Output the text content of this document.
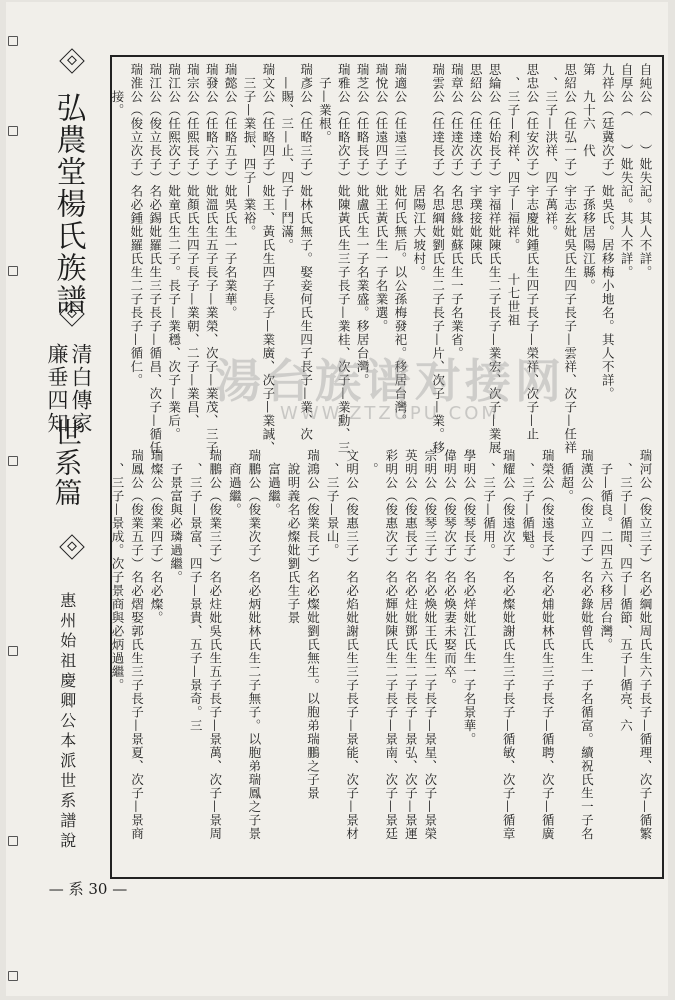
弘農堂楊氏族譜
廉垂四知 清白傳家
世系篇
惠州始祖慶卿公本派世系譜說
— 系 30 —
自純公（　　）妣失記。其人不詳。
自厚公（　　）妣失記。其人不詳。
九祥公（廷冀次子）妣吳氏。居移梅小地名。其人不詳。
第　九十六　代　　子孫移居陽江縣。
思紹公（任弘一子）宇志玄妣吳氏生四子長子—雲祥、次子—任祥
　、三子—洪祥、四子萬祥。
思忠公（任安次子）宇志慶妣鍾氏生四子長子—榮祥、次子—止
　、三子—利祥、四子—福祥。　　十七世祖
思綸公（任始長子）宇福祥妣陳氏生二子長子—業宏、次子—業展
思紹公（任達次子）宇璞接妣陳氏
瑞章公（任達次子）名思緣妣蘇氏生一子名業省。
瑞雲公（任達長子）名思綱妣劉氏生二子長子—片、次子—業。移
　　　　　　　　　居陽江大坡村。
瑞適公（任遠三子）妣何氏無后。以公孫梅發祀。移居台灣。
瑞悅公（任遠四子）妣王黃氏生一子名業選。
瑞芝公（任略長子）妣盧氏生一子名業盛。移居台灣。
瑞雅公（任略次子）妣陳黃氏生三子長子—業桂、次子—業勳、三
　子—業根。
瑞彥公（任略三子）妣林氏無子。娶妾何氏生四子長子—業、次
　—賜、三—止、四子—鬥滿。
瑞文公（任略四子）妣王、黃氏生四子長子—業廣、次子—業誠、
　三子—業振、四子—業裕。
瑞懿公（任略五子）妣吳氏生一子名業華。
瑞發公（任略六子）妣溫氏生五子長子—業榮、次子—業茂、三子
瑞宗公（任熙長子）妣顏氏生四子長子—業朝、二子—業昌、
瑞江公（任熙次子）妣童氏生二子。長子—業穩、次子—業后。
瑞江公（俊立長子）名必錫妣羅氏生三子長子—循昌、次子—循任
瑞淮公（俊立次子）名必鍾妣羅氏生二子長子—循仁。
　　接。
瑞河公（俊立三子）名必綱妣周氏生六子長子—循理、次子—循繁
　、三子—循閒、四子—循節、五子—循亮、六
　子—循良。二四五六移居台灣。
瑞漢公（俊立四子）名必錄妣曾氏生一子名循富。續祝氏生一子名
　循超。
瑞榮公（俊遠長子）名必烳妣林氏生三子長子—循聘、次子—循廣
　、三子—循魁。
瑞耀公（俊遠次子）名必燦妣謝氏生三子長子—循敏、次子—循章
　、三子—循用。
學明公（俊琴長子）名必烊妣江氏生一子名景華。
偉明公（俊琴次子）名必煥妻未娶而卒。
宗明公（俊琴三子）名必煥妣王氏生二子長子—景星、次子—景榮
英明公（俊惠長子）名必炷妣鄧氏生二子長子—景弘、次子—景運
彩明公（俊惠次子）名必輝妣陳氏生二子長子—景南、次子—景廷
　。
文明公（俊惠三子）名必焰妣謝氏生三子長子—景能、次子—景材
　、三子—景山。
瑞鴻公（俊業長子）名必燦妣劉氏無生。以胞弟瑞鵬之子景
　說明義名必燦妣劉氏生子景
　富過繼。
瑞鵬公（俊業次子）名必炳妣林氏生二子無子。以胞弟瑞鳳之子景
　商過繼。
瑞鵬公（俊業三子）名必炷妣吳氏生五子長子—景萬、次子—景周
　、三子—景富、四子—景貴、五子—景奇。三
　子景富與必璘過繼。
瑞燦公（俊業四子）名必燦。
瑞鳳公（俊業五子）名必熠娶郭氏生三子長子—景夏、次子—景商
　、三子—景成。次子景商與必炳過繼。
湯台族谱对接网
WWW.ZTZUPU.COM
